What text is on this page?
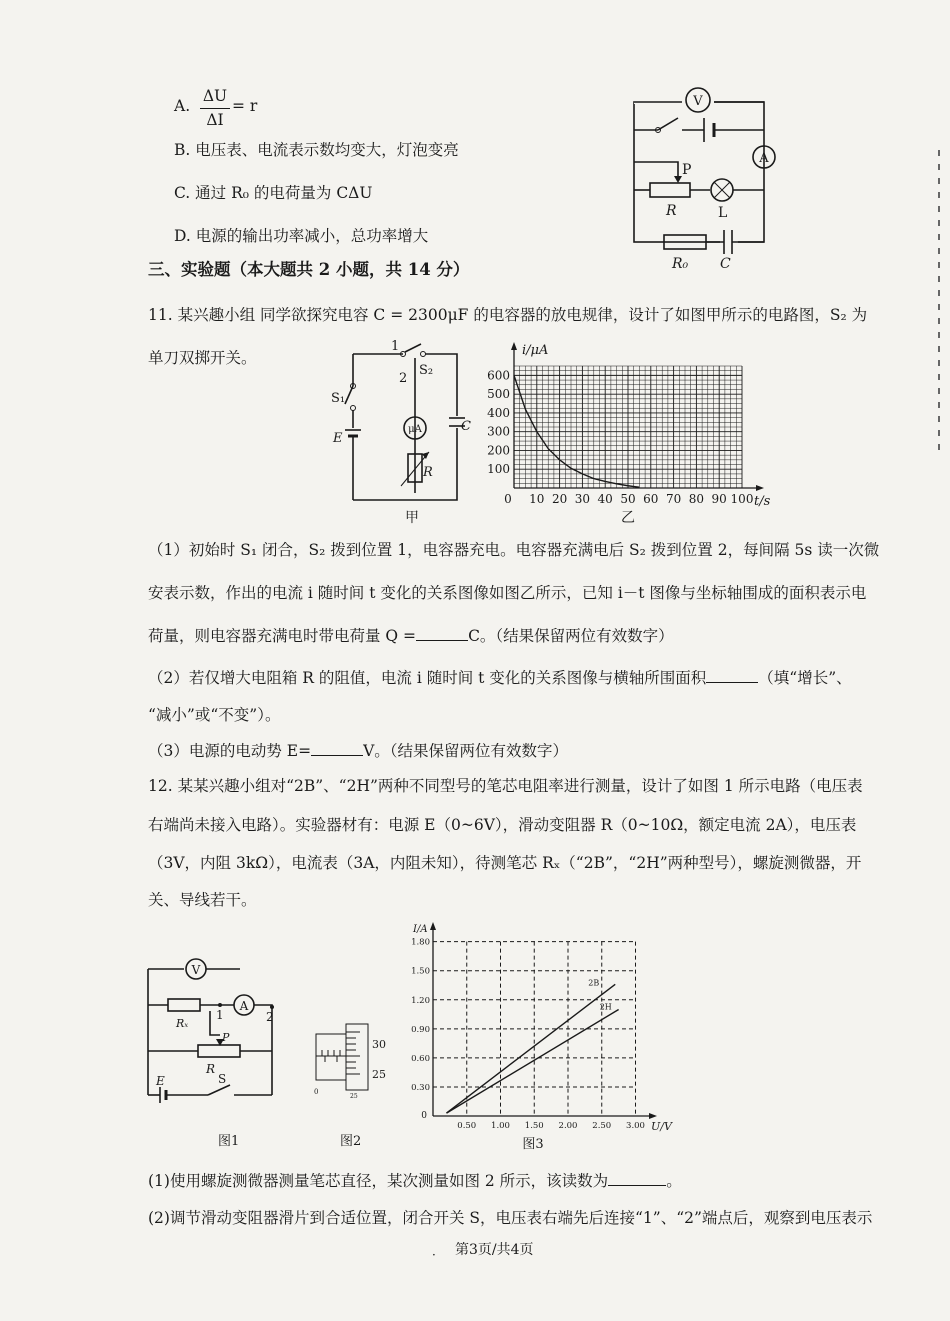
A.
ΔU
ΔI
= r
B. 电压表、电流表示数均变大，灯泡变亮
C. 通过 R₀ 的电荷量为 CΔU
D. 电源的输出功率减小，总功率增大
V
A
P
R	L
R₀ C
三、实验题（本大题共 2 小题，共 14 分）
11. 某兴趣小组 同学欲探究电容 C = 2300μF 的电容器的放电规律，设计了如图甲所示的电路图，S₂ 为
单刀双掷开关。
μA
1
2
S₂
S₁
E
C
R
甲
100
200
300
400
500
600
10 20 30 40 50 60 70 80 90 100
0
i/μA
t/s
乙
（1）初始时 S₁ 闭合，S₂ 拨到位置 1，电容器充电。电容器充满电后 S₂ 拨到位置 2，每间隔 5s 读一次微
安表示数，作出的电流 i 随时间 t 变化的关系图像如图乙所示，已知 i－t 图像与坐标轴围成的面积表示电
荷量，则电容器充满电时带电荷量 Q =	C。（结果保留两位有效数字）
（2）若仅增大电阻箱 R 的阻值，电流 i 随时间 t 变化的关系图像与横轴所围面积	（填“增长”、
“减小”或“不变”）。
（3）电源的电动势 E=	V。（结果保留两位有效数字）
12. 某某兴趣小组对“2B”、“2H”两种不同型号的笔芯电阻率进行测量，设计了如图 1 所示电路（电压表
右端尚未接入电路）。实验器材有：电源 E（0~6V），滑动变阻器 R（0~10Ω，额定电流 2A），电压表
（3V，内阻 3kΩ），电流表（3A，内阻未知），待测笔芯 Rₓ（“2B”，“2H”两种型号），螺旋测微器，开
关、导线若干。
V
A
Rₓ
1	2
P
R
E	S
图1
30
25
0
25
图2
0.30
0.60
0.90
1.20
1.50
1.80
0.50 1.00 1.50 2.00 2.50 3.00
0
I/A
U/V
图3
2B
2H
(1)使用螺旋测微器测量笔芯直径，某次测量如图 2 所示，该读数为	。
(2)调节滑动变阻器滑片到合适位置，闭合开关 S，电压表右端先后连接“1”、“2”端点后，观察到电压表示
· 第3页/共4页
